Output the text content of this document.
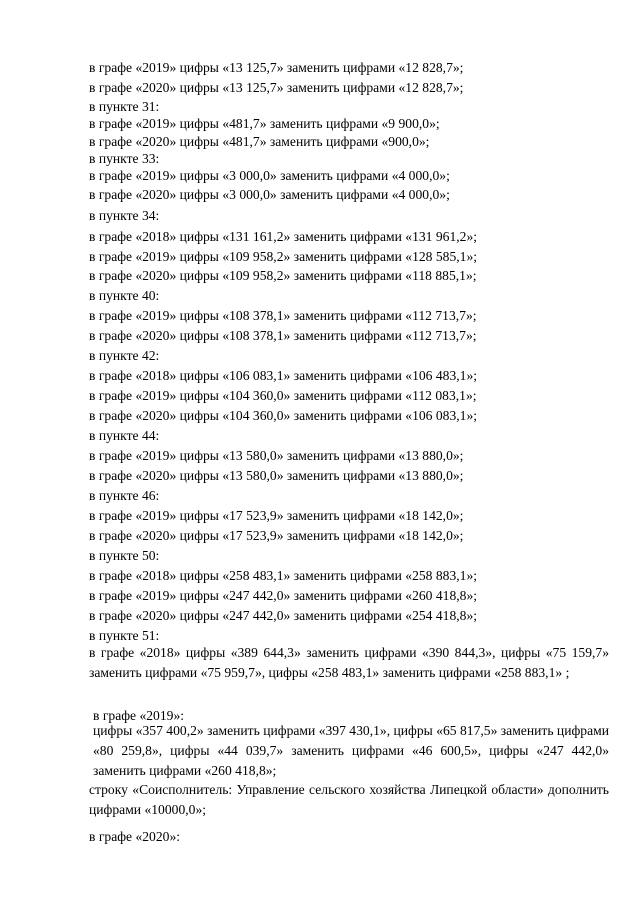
в графе «2019» цифры «13 125,7» заменить цифрами «12 828,7»;
в графе «2020» цифры «13 125,7» заменить цифрами «12 828,7»;
в пункте 31:
в графе «2019» цифры «481,7» заменить цифрами «9 900,0»;
в графе «2020» цифры «481,7» заменить цифрами «900,0»;
в пункте 33:
в графе «2019» цифры «3 000,0» заменить цифрами «4 000,0»;
в графе «2020» цифры «3 000,0» заменить цифрами «4 000,0»;
в пункте 34:
в графе «2018» цифры «131 161,2» заменить цифрами «131 961,2»;
в графе «2019» цифры «109 958,2» заменить цифрами «128 585,1»;
в графе «2020» цифры «109 958,2» заменить цифрами «118 885,1»;
в пункте 40:
в графе «2019» цифры «108 378,1» заменить цифрами «112 713,7»;
в графе «2020» цифры «108 378,1» заменить цифрами «112 713,7»;
в пункте 42:
в графе «2018» цифры «106 083,1» заменить цифрами «106 483,1»;
в графе «2019» цифры «104 360,0» заменить цифрами «112 083,1»;
в графе «2020» цифры «104 360,0» заменить цифрами «106 083,1»;
в пункте 44:
в графе «2019» цифры «13 580,0» заменить цифрами «13 880,0»;
в графе «2020» цифры «13 580,0» заменить цифрами «13 880,0»;
в пункте 46:
в графе «2019» цифры «17 523,9» заменить цифрами «18 142,0»;
в графе «2020» цифры «17 523,9» заменить цифрами «18 142,0»;
в пункте 50:
в графе «2018» цифры «258 483,1» заменить цифрами «258 883,1»;
в графе «2019» цифры «247 442,0» заменить цифрами «260 418,8»;
в графе «2020» цифры «247 442,0» заменить цифрами «254 418,8»;
в пункте 51:
в графе «2018» цифры «389 644,3» заменить цифрами «390 844,3», цифры «75 159,7» заменить цифрами «75 959,7», цифры «258 483,1» заменить цифрами «258 883,1» ;
в графе «2019»:
цифры «357 400,2» заменить цифрами «397 430,1», цифры «65 817,5» заменить цифрами «80 259,8», цифры «44 039,7» заменить цифрами «46 600,5», цифры «247 442,0» заменить цифрами «260 418,8»;
строку «Соисполнитель: Управление сельского хозяйства Липецкой области» дополнить цифрами «10000,0»;
в графе «2020»:
